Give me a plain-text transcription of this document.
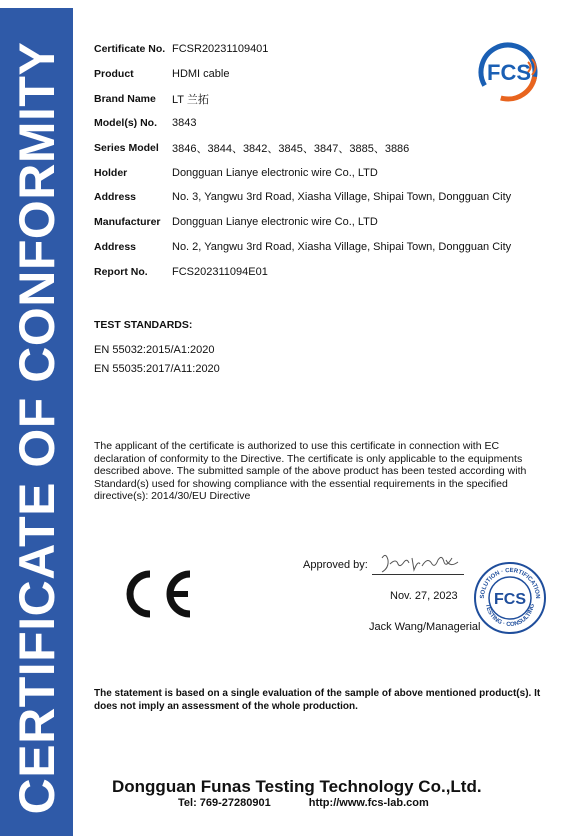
CERTIFICATE OF CONFORMITY	FCS
Certificate No. FCSR20231109401
Product	HDMI cable
Brand Name	LT 兰拓
Model(s) No.	3843
Series Model	3846、3844、3842、3845、3847、3885、3886
Holder	Dongguan Lianye electronic wire Co., LTD
Address	No. 3, Yangwu 3rd Road, Xiasha Village, Shipai Town, Dongguan City
Manufacturer	Dongguan Lianye electronic wire Co., LTD
Address	No. 2, Yangwu 3rd Road, Xiasha Village, Shipai Town, Dongguan City
Report No.	FCS202311094E01
TEST STANDARDS:
EN 55032:2015/A1:2020
EN 55035:2017/A11:2020
The applicant of the certificate is authorized to use this certificate in connection with EC declaration of conformity to the Directive. The certificate is only applicable to the equipments described above. The submitted sample of the above product has been tested according with Standard(s) used for showing compliance with the essential requirements in the specified directive(s): 2014/30/EU Directive
Approved by:
Nov. 27, 2023
Jack Wang/Managerial
SOLUTION · CERTIFICATION
TESTING · CONSULTING
FCS
The statement is based on a single evaluation of the sample of above mentioned product(s). It does not imply an assessment of the whole production.
Dongguan Funas Testing Technology Co.,Ltd.
Tel: 769-27280901	http://www.fcs-lab.com
